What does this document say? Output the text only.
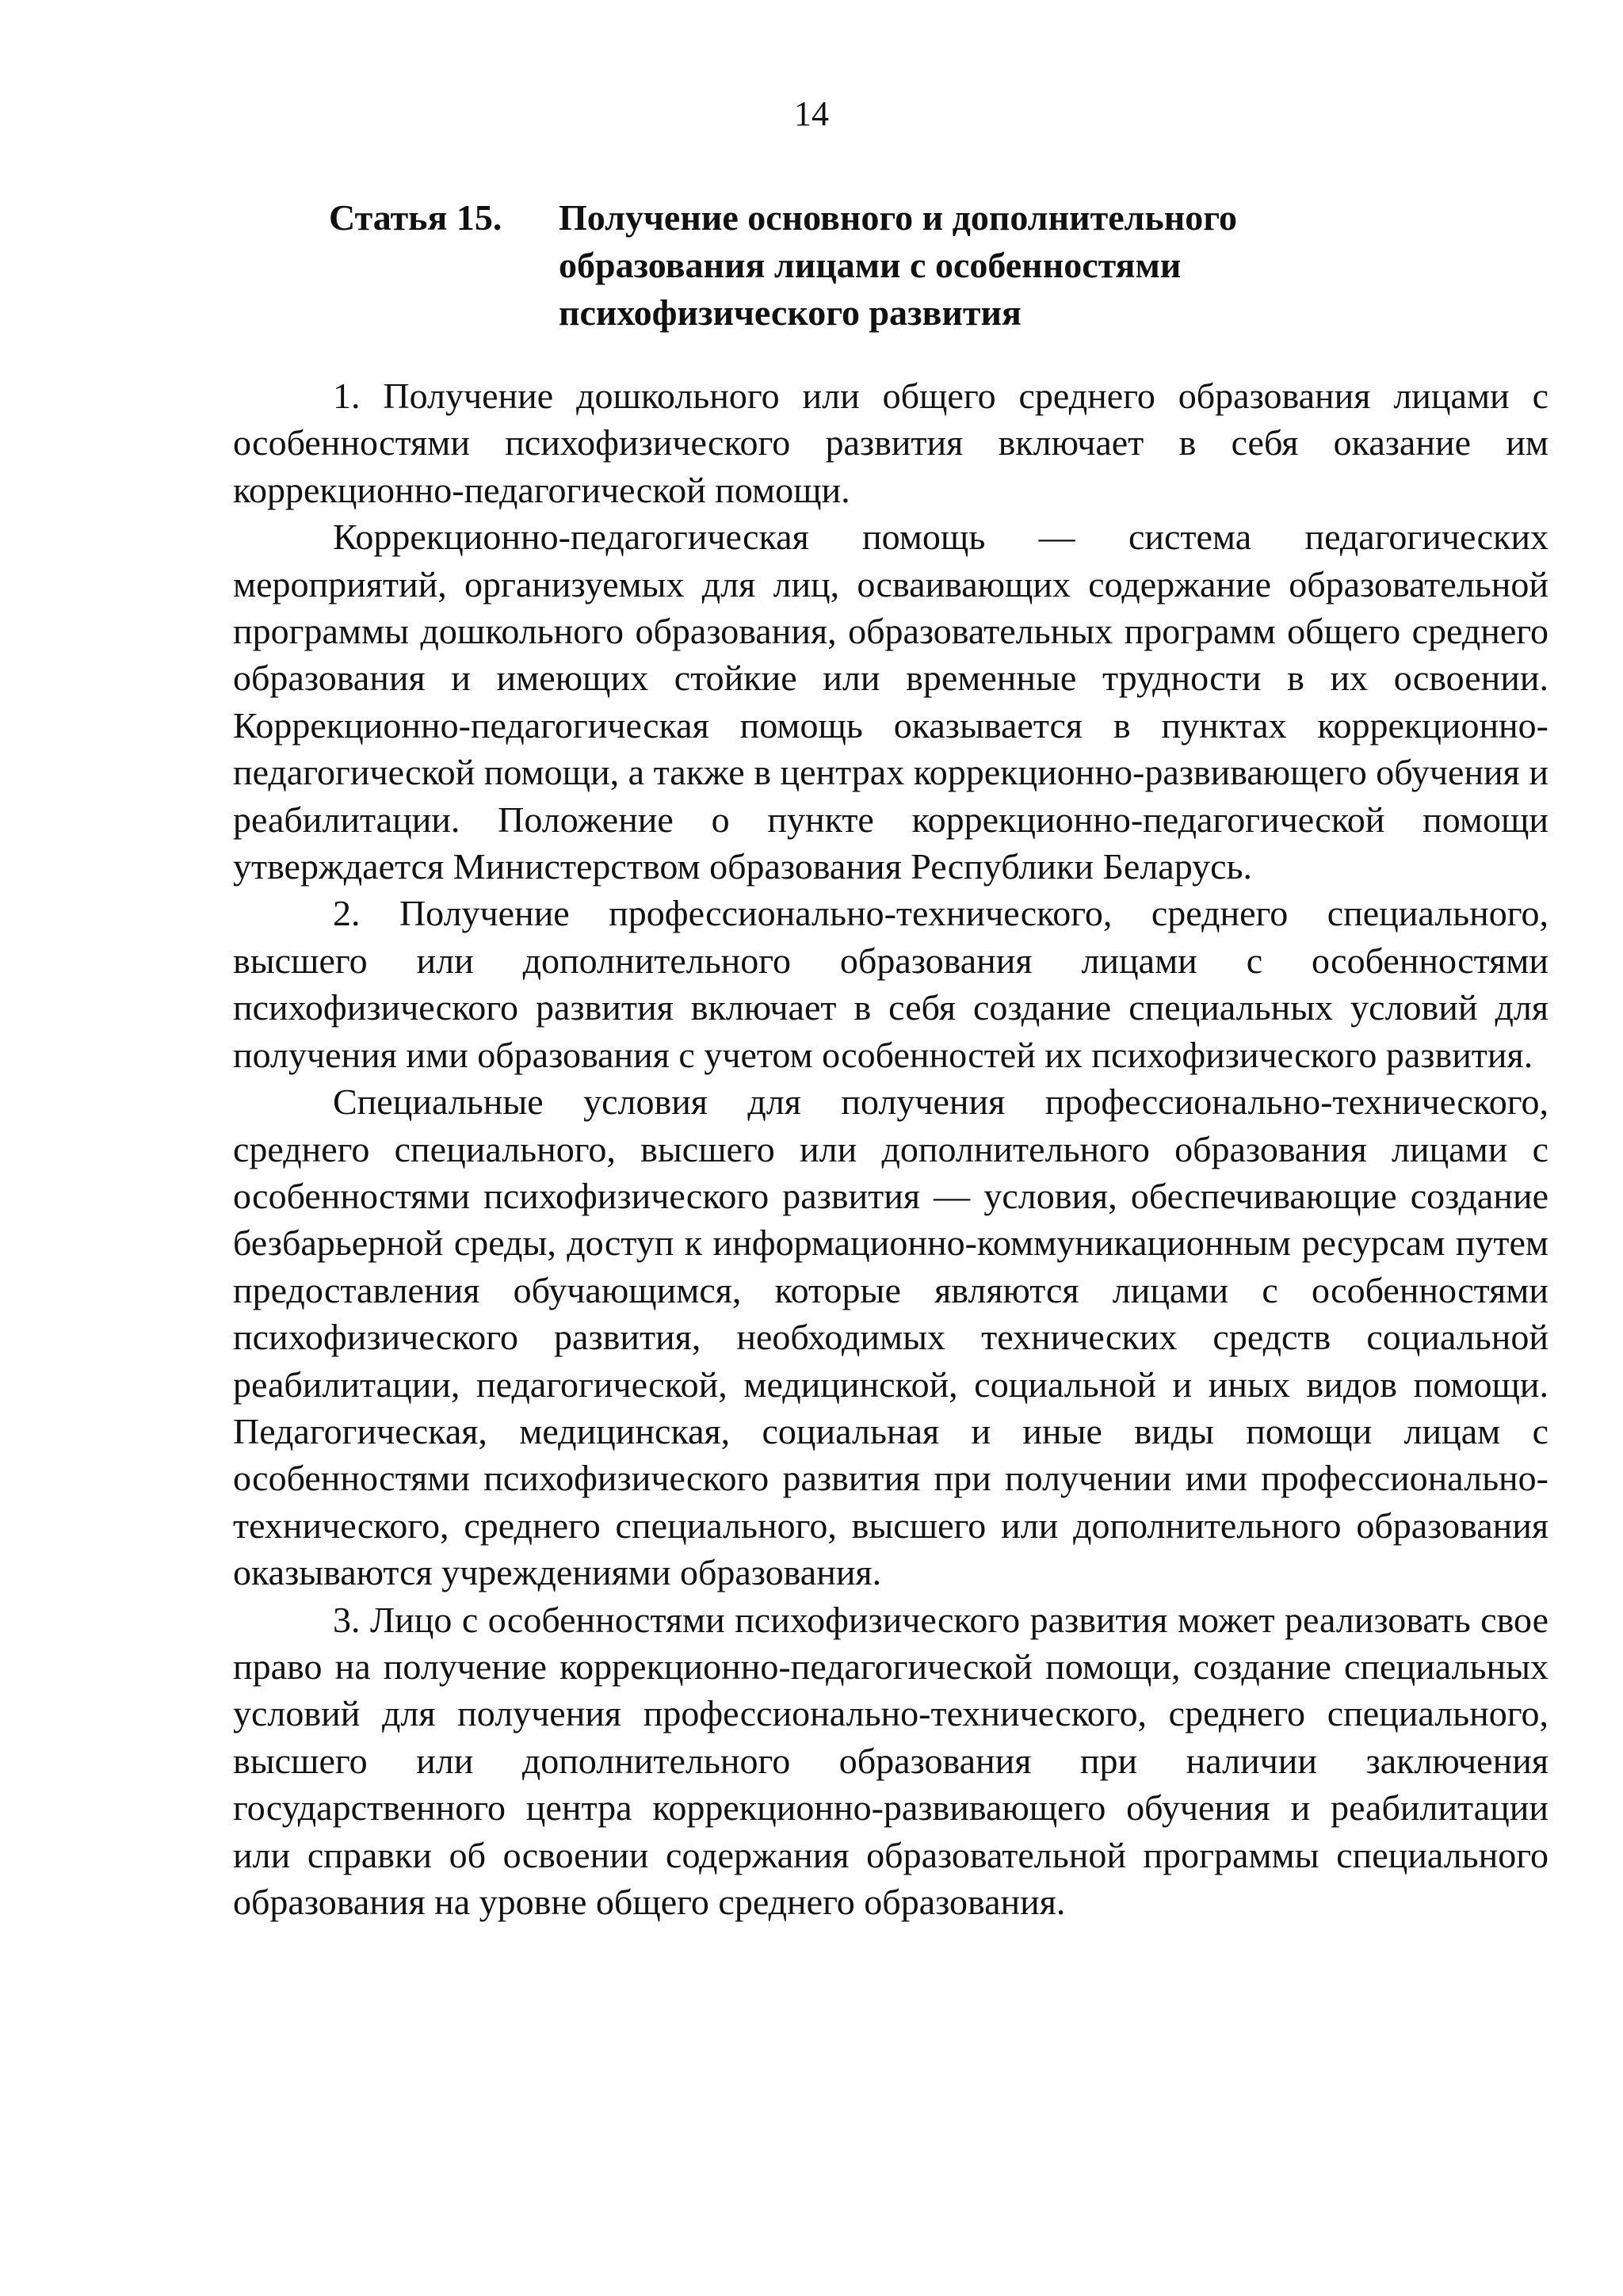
14
Статья 15. Получение основного и дополнительного образования лицами с особенностями психофизического развития

1. Получение дошкольного или общего среднего образования лицами с особенностями психофизического развития включает в себя оказание им коррекционно-педагогической помощи.

Коррекционно-педагогическая помощь — система педагогических мероприятий, организуемых для лиц, осваивающих содержание образовательной программы дошкольного образования, образовательных программ общего среднего образования и имеющих стойкие или временные трудности в их освоении. Коррекционно-педагогическая помощь оказывается в пунктах коррекционно-педагогической помощи, а также в центрах коррекционно-развивающего обучения и реабилитации. Положение о пункте коррекционно-педагогической помощи утверждается Министерством образования Республики Беларусь.

2. Получение профессионально-технического, среднего специального, высшего или дополнительного образования лицами с особенностями психофизического развития включает в себя создание специальных условий для получения ими образования с учетом особенностей их психофизического развития.

Специальные условия для получения профессионально-технического, среднего специального, высшего или дополнительного образования лицами с особенностями психофизического развития — условия, обеспечивающие создание безбарьерной среды, доступ к информационно-коммуникационным ресурсам путем предоставления обучающимся, которые являются лицами с особенностями психофизического развития, необходимых технических средств социальной реабилитации, педагогической, медицинской, социальной и иных видов помощи. Педагогическая, медицинская, социальная и иные виды помощи лицам с особенностями психофизического развития при получении ими профессионально-технического, среднего специального, высшего или дополнительного образования оказываются учреждениями образования.

3. Лицо с особенностями психофизического развития может реализовать свое право на получение коррекционно-педагогической помощи, создание специальных условий для получения профессионально-технического, среднего специального, высшего или дополнительного образования при наличии заключения государственного центра коррекционно-развивающего обучения и реабилитации или справки об освоении содержания образовательной программы специального образования на уровне общего среднего образования.
